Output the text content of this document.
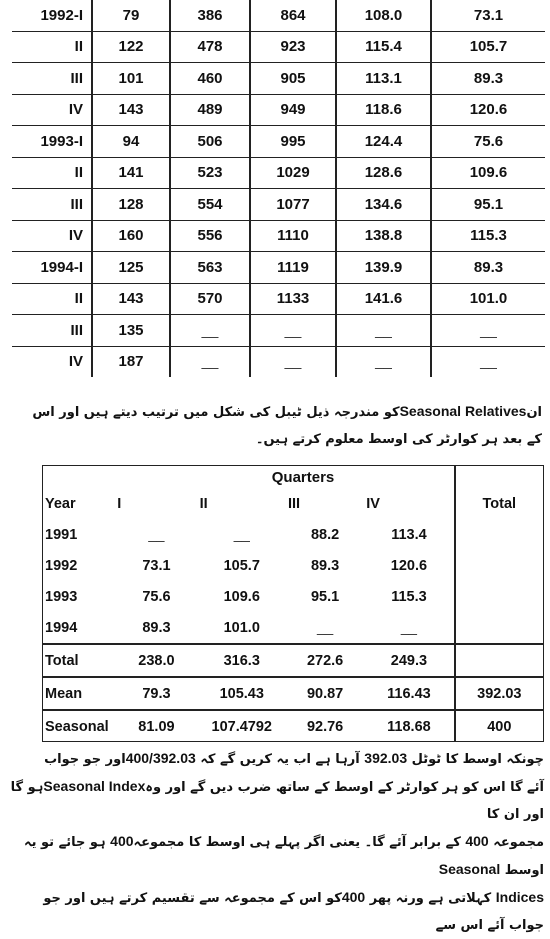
1992-I	79	386	864	108.0	73.1
II	122	478	923	115.4	105.7
III	101	460	905	113.1	89.3
IV	143	489	949	118.6	120.6
1993-I	94	506	995	124.4	75.6
II	141	523	1029	128.6	109.6
III	128	554	1077	134.6	95.1
IV	160	556	1110	138.8	115.3
1994-I	125	563	1119	139.9	89.3
II	143	570	1133	141.6	101.0
III	135	__	__	__	__
IV	187	__	__	__	__
انSeasonal Relativesکو مندرجہ ذیل ٹیبل کی شکل میں ترتیب دیتے ہیں اور اس
کے بعد ہر کوارٹر کی اوسط معلوم کرتے ہیں۔
	Quarters				
Year	I	II	III	IV	Total
1991	__	__	88.2	113.4	
1992	73.1	105.7	89.3	120.6	
1993	75.6	109.6	95.1	115.3	
1994	89.3	101.0	__	__	
Total	238.0	316.3	272.6	249.3	
Mean	79.3	105.43	90.87	116.43	392.03
Seasonal	81.09	107.4792	92.76	118.68	400
چونکہ اوسط کا ٹوٹل 392.03 آرہا ہے اب یہ کریں گے کہ 400/392.03اور جو جواب
آئے گا اس کو ہر کوارٹر کے اوسط کے ساتھ ضرب دیں گے اور وہSeasonal Indexہو گا اور ان کا
مجموعہ 400 کے برابر آئے گا۔ یعنی اگر پہلے ہی اوسط کا مجموعہ400 ہو جائے تو یہ اوسط Seasonal
Indices کہلاتی ہے ورنہ پھر 400کو اس کے مجموعہ سے تقسیم کرتے ہیں اور جو جواب آئے اس سے
